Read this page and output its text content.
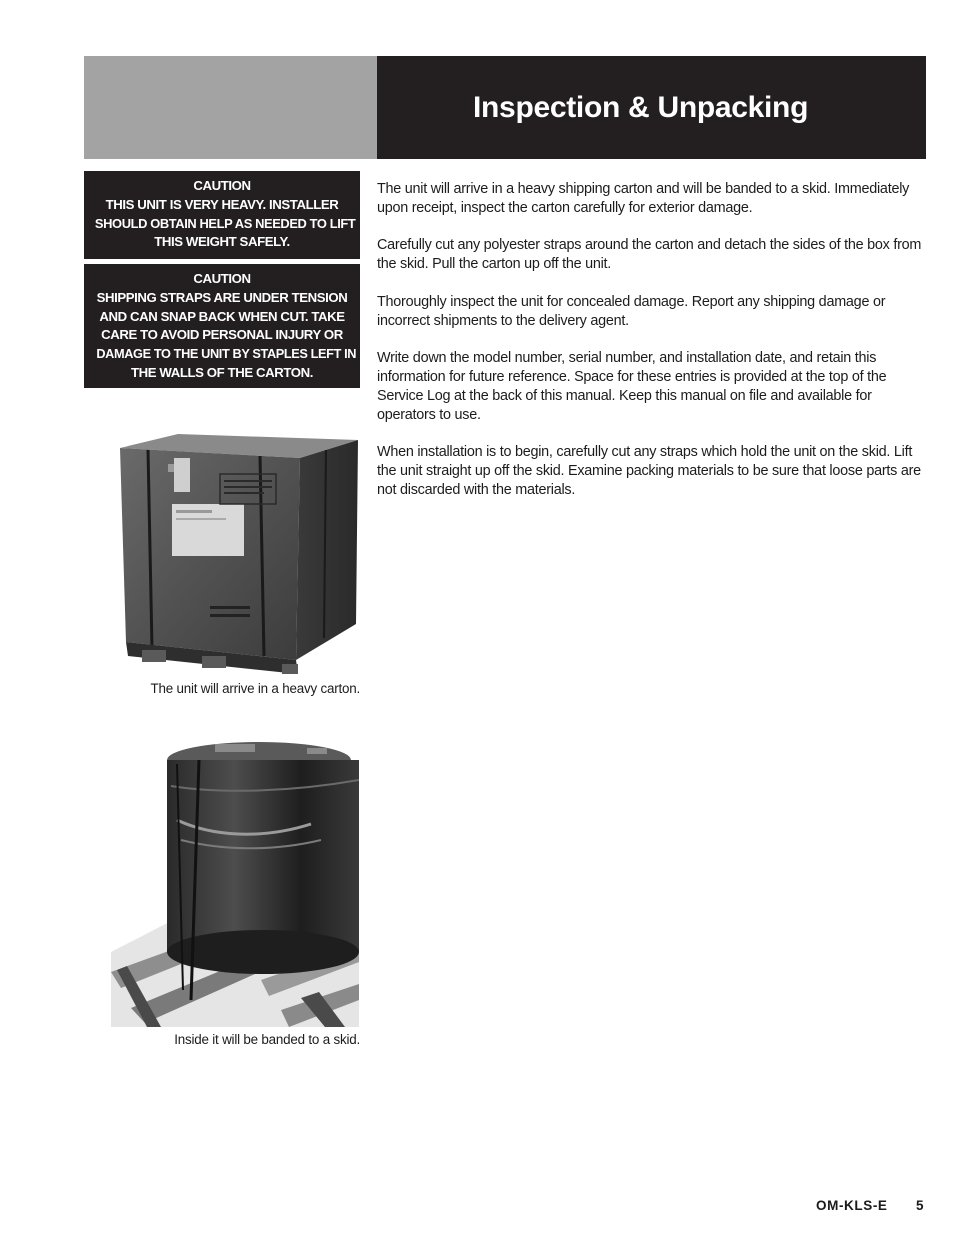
Inspection & Unpacking
CAUTION
THIS UNIT IS VERY HEAVY. INSTALLER
SHOULD OBTAIN HELP AS NEEDED TO LIFT
THIS WEIGHT SAFELY.
CAUTION
SHIPPING STRAPS ARE UNDER TENSION
AND CAN SNAP BACK WHEN CUT. TAKE
CARE TO AVOID PERSONAL INJURY OR
DAMAGE TO THE UNIT BY STAPLES LEFT IN
THE WALLS OF THE CARTON.

The unit will arrive in a heavy shipping carton and will be banded to a skid. Immediately upon receipt, inspect the carton carefully for exterior damage.

Carefully cut any polyester straps around the carton and detach the sides of the box from the skid. Pull the carton up off the unit.

Thoroughly inspect the unit for concealed damage. Report any shipping damage or incorrect shipments to the delivery agent.

Write down the model number, serial number, and installation date, and retain this information for future reference. Space for these entries is provided at the top of the Service Log at the back of this manual. Keep this manual on file and available for operators to use.

When installation is to begin, carefully cut any straps which hold the unit on the skid. Lift the unit straight up off the skid. Examine packing materials to be sure that loose parts are not discarded with the materials.

The unit will arrive in a heavy carton.
Inside it will be banded to a skid.
OM-KLS-E 5
